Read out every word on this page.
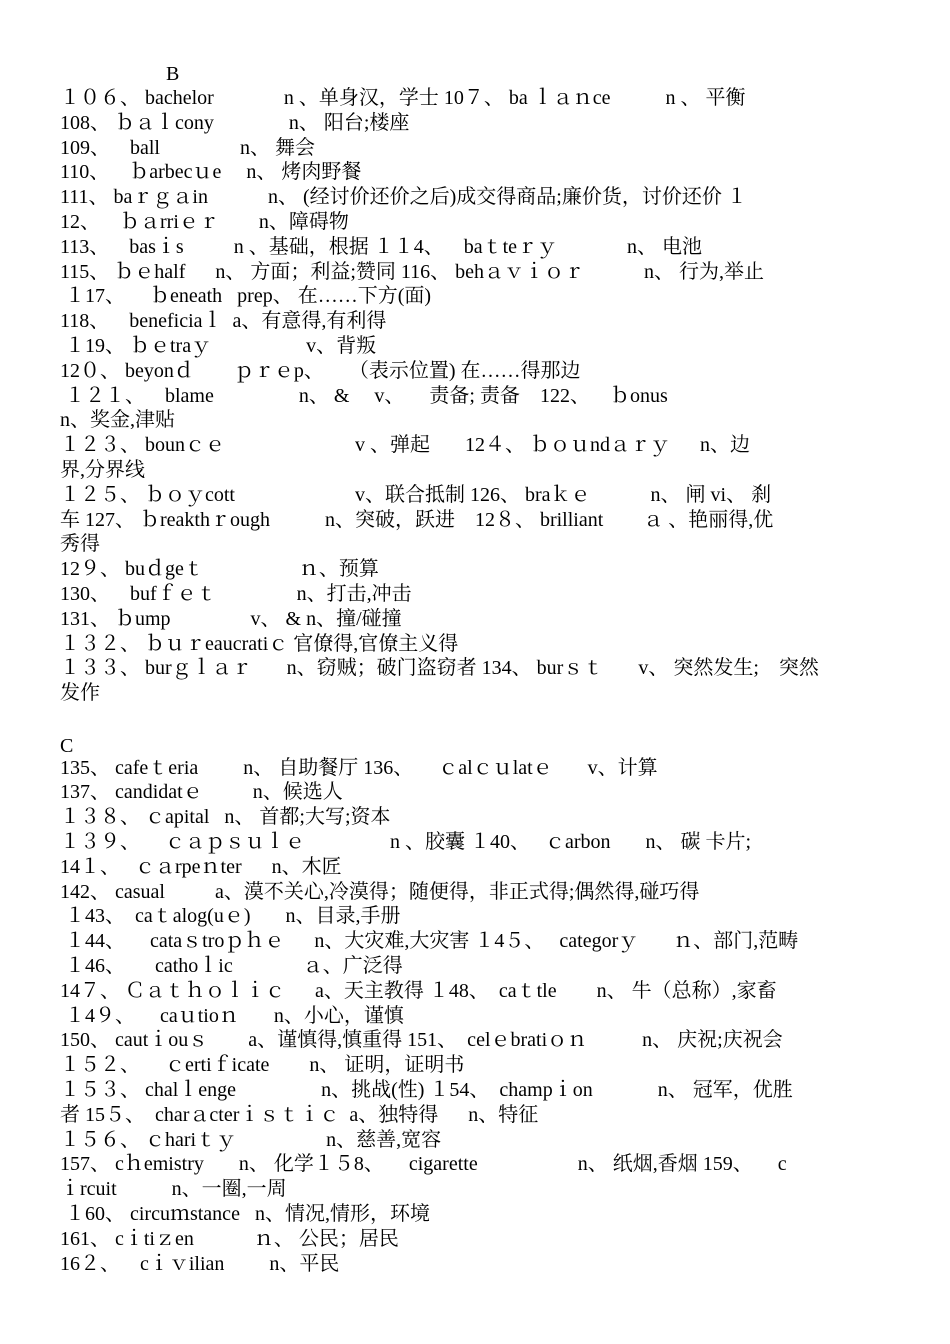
B
C
１０６、 bachelor              n 、单身汉，学士 10７、 ba ｌａｎce           n 、 平衡
108、 ｂａｌcony               n、 阳台;楼座
109、    ball                n、 舞会
110、    ｂarbecｕe     n、 烤肉野餐
111、 baｒｇａin            n、 (经讨价还价之后)成交得商品;廉价货，讨价还价 １
12、    ｂａrriｅｒ        n、障碍物
113、    basｉs          n 、基础，根据 １１4、    baｔteｒｙ              n、 电池
115、 ｂｅhalf      n、 方面；利益;赞同 116、 behａｖｉｏｒ            n、 行为,举止
１17、     ｂeneath   prep、 在……下方(面)
118、    beneficiaｌ  a、有意得,有利得
１19、 ｂｅtraｙ                   v、背叛
12０、 beyonｄ        ｐｒｅp、     （表示位置) 在……得那边
１２１、    blame                 n、 &     v、     责备; 责备    122、    ｂonus
n、奖金,津贴
１２３、 bounｃｅ                          v 、弹起       12４、 ｂｏｕndａｒｙ      n、边
界,分界线
１２５、 ｂｏｙcott                        v、联合抵制 126、 braｋｅ            n、 闸 vi、 刹
车 127、 ｂreakthｒough           n、突破，跃进    12８、 brilliant        ａ 、艳丽得,优
秀得
12９、 buｄgeｔ                   ｎ、预算
130、    bufｆｅｔ                n、打击,冲击
131、 ｂump                v、 & n、撞/碰撞
１３２、 ｂｕｒeaucratiｃ 官僚得,官僚主义得
１３３、 burｇｌａｒ       n、窃贼；破门盗窃者 134、 burｓｔ       v、 突然发生;    突然
发作
135、 cafeｔeria         n、 自助餐厅 136、     ｃalｃｕlatｅ       v、计算
137、 candidatｅ          n、候选人
１３８、 ｃapital   n、 首都;大写;资本
１３９、     ｃａｐｓｕｌｅ                 n 、胶囊 １40、   ｃarbon       n、 碳 卡片;
14１、   ｃａrpeｎter      n、木匠
142、 casual          a、漠不关心,冷漠得；随便得，非正式得;偶然得,碰巧得
１43、  caｔalog(uｅ)       n、目录,手册
１44、     cataｓtroｐｈｅ      n、大灾难,大灾害 １4５、   categorｙ       ｎ、部门,范畴
１46、      cathoｌic              ａ、广泛得
14７、 Ｃａｔｈｏｌｉｃ      a、天主教得 １48、  caｔtle        n、 牛（总称）,家畜
１4９、     caｕtioｎ       n、小心，谨慎
150、 cautｉouｓ        a、谨慎得,慎重得 151、  celｅbratiｏｎ           n、 庆祝;庆祝会
１５２、     ｃertiｆicate        n、 证明，证明书
１５３、 chalｌenge                 n、挑战(性) １54、  champｉon             n、 冠军，优胜
者 15５、  charａcterｉｓｔｉｃ  a、独特得      n、特征
１５６、 ｃhariｔｙ                  n、慈善,宽容
157、 cｈemistry       n、 化学１５8、     cigarette                    n、 纸烟,香烟 159、     c
ｉrcuit           n、一圈,一周
１60、 circuｍstance   n、情况,情形，环境
161、 cｉtiｚen            ｎ、 公民；居民
16２、    cｉｖilian         n、平民
